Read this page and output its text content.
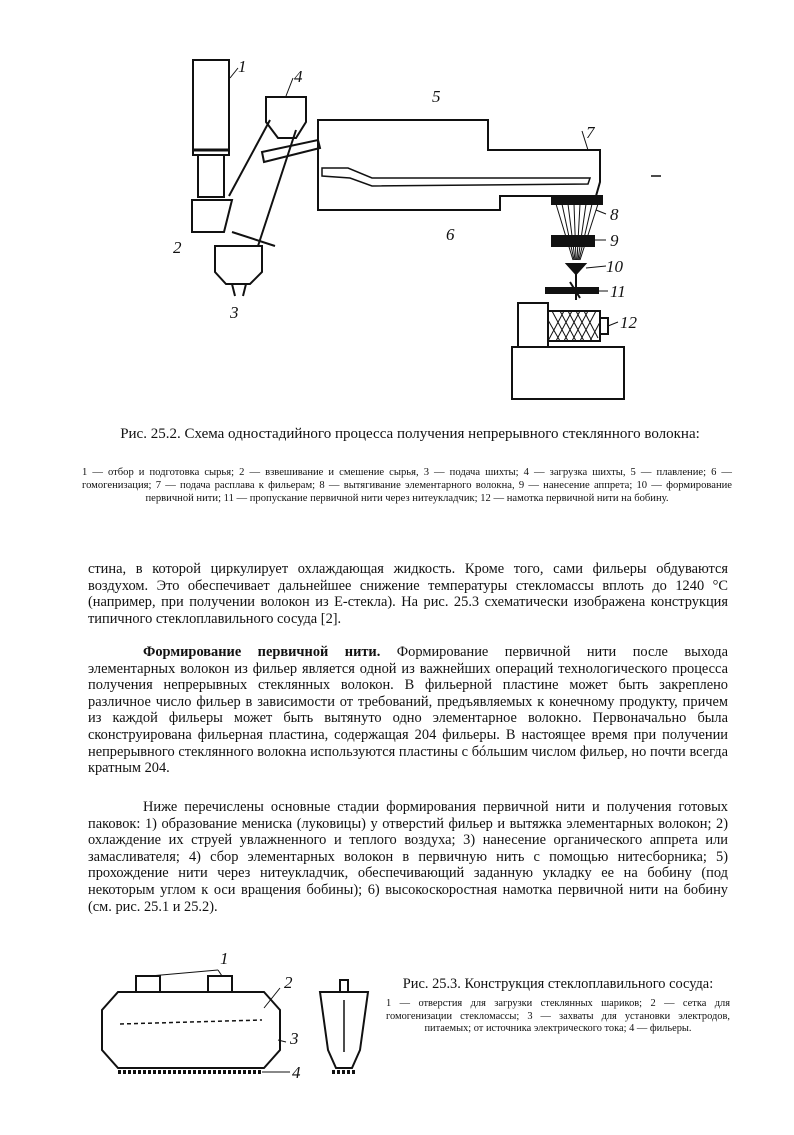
1
4
5
7
2
3
6
8
9
10
11
12
Рис. 25.2. Схема одностадийного процесса получения непрерывного стеклянного волокна:
1 — отбор и подготовка сырья; 2 — взвешивание и смешение сырья, 3 — подача шихты; 4 — загрузка шихты, 5 — плавление; 6 — гомогенизация; 7 — подача расплава к фильерам; 8 — вытягивание элементарного волокна, 9 — нанесение аппрета; 10 — формирование первичной нити; 11 — пропускание первичной нити через нитеукладчик; 12 — намотка первичной нити на бобину.

стина, в которой циркулирует охлаждающая жидкость. Кроме того, сами фильеры обдуваются воздухом. Это обеспечивает дальнейшее снижение температуры стекломассы вплоть до 1240 °С (например, при получении волокон из Е-стекла). На рис. 25.3 схематически изображена конструкция типичного стеклоплавильного сосуда [2].

Формирование первичной нити. Формирование первичной нити после выхода элементарных волокон из фильер является одной из важнейших операций технологического процесса получения непрерывных стеклянных волокон. В фильерной пластине может быть закреплено различное число фильер в зависимости от требований, предъявляемых к конечному продукту, причем из каждой фильеры может быть вытянуто одно элементарное волокно. Первоначально была сконструирована фильерная пластина, содержащая 204 фильеры. В настоящее время при получении непрерывного стеклянного волокна используются пластины с бóльшим числом фильер, но почти всегда кратным 204.

Ниже перечислены основные стадии формирования первичной нити и получения готовых паковок: 1) образование мениска (луковицы) у отверстий фильер и вытяжка элементарных волокон; 2) охлаждение их струей увлажненного и теплого воздуха; 3) нанесение органического аппрета или замасливателя; 4) сбор элементарных волокон в первичную нить с помощью нитесборника; 5) прохождение нити через нитеукладчик, обеспечивающий заданную укладку ее на бобину (под некоторым углом к оси вращения бобины); 6) высокоскоростная намотка первичной нити на бобину (см. рис. 25.1 и 25.2).

1
2
3
4
Рис. 25.3. Конструкция стеклоплавильного сосуда:
1 — отверстия для загрузки стеклянных шариков; 2 — сетка для гомогенизации стекломассы; 3 — захваты для установки электродов, питаемых; от источника электрического тока; 4 — фильеры.
